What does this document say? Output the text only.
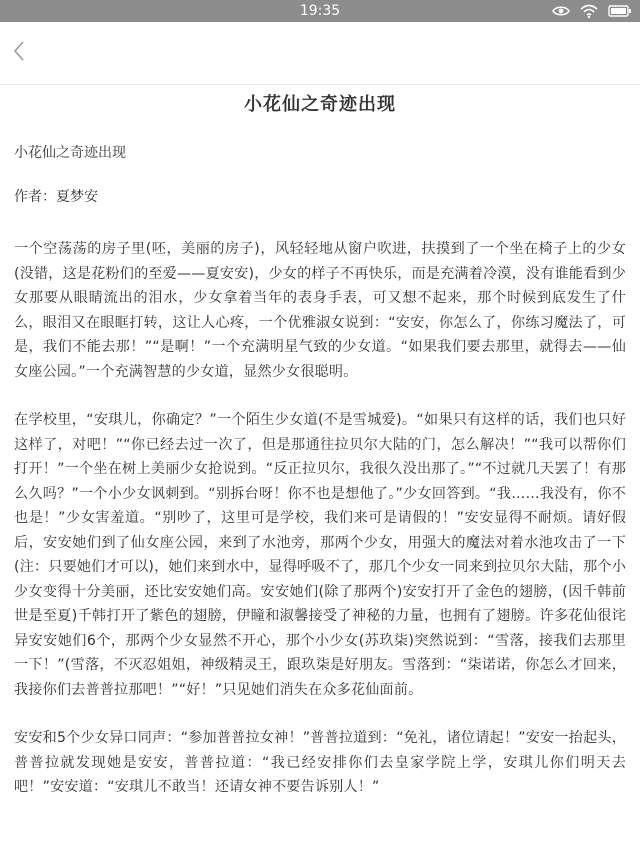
19:35
小花仙之奇迹出现
小花仙之奇迹出现
作者：夏梦安

一个空荡荡的房子里(呸，美丽的房子)，风轻轻地从窗户吹进，扶摸到了一个坐在椅子上的少女(没错，这是花粉们的至爱——夏安安)，少女的样子不再快乐，而是充满着冷漠，没有谁能看到少女那要从眼睛流出的泪水，少女拿着当年的表身手表，可又想不起来，那个时候到底发生了什么，眼泪又在眼眶打转，这让人心疼，一个优雅淑女说到：“安安，你怎么了，你练习魔法了，可是，我们不能去那！”“是啊！”一个充满明星气致的少女道。“如果我们要去那里，就得去——仙女座公园。”一个充满智慧的少女道，显然少女很聪明。

在学校里，“安琪儿，你确定？”一个陌生少女道(不是雪城爱)。“如果只有这样的话，我们也只好这样了，对吧！”“你已经去过一次了，但是那通往拉贝尔大陆的门，怎么解决！”“我可以帮你们打开！”一个坐在树上美丽少女抢说到。“反正拉贝尔，我很久没出那了。”“不过就几天罢了！有那么久吗？”一个小少女讽刺到。“别拆台呀！你不也是想他了。”少女回答到。“我……我没有，你不也是！”少女害羞道。“别吵了，这里可是学校，我们来可是请假的！”安安显得不耐烦。请好假后，安安她们到了仙女座公园，来到了水池旁，那两个少女，用强大的魔法对着水池攻击了一下(注：只要她们才可以)，她们来到水中，显得呼吸不了，那几个少女一同来到拉贝尔大陆，那个小少女变得十分美丽，还比安安她们高。安安她们(除了那两个)安安打开了金色的翅膀，(因千韩前世是至夏)千韩打开了紫色的翅膀，伊瞳和淑馨接受了神秘的力量，也拥有了翅膀。许多花仙很诧异安安她们6个，那两个少女显然不开心，那个小少女(苏玖柒)突然说到：“雪落，接我们去那里一下！”(雪落，不灭忍姐姐，神级精灵王，跟玖柒是好朋友。雪落到：“柒诺诺，你怎么才回来，我接你们去普普拉那吧！”“好！”只见她们消失在众多花仙面前。

安安和5个少女异口同声：“参加普普拉女神！”普普拉道到：“免礼，诸位请起！”安安一抬起头，普普拉就发现她是安安，普普拉道：“我已经安排你们去皇家学院上学，安琪儿你们明天去吧！”安安道：“安琪儿不敢当！还请女神不要告诉别人！”
